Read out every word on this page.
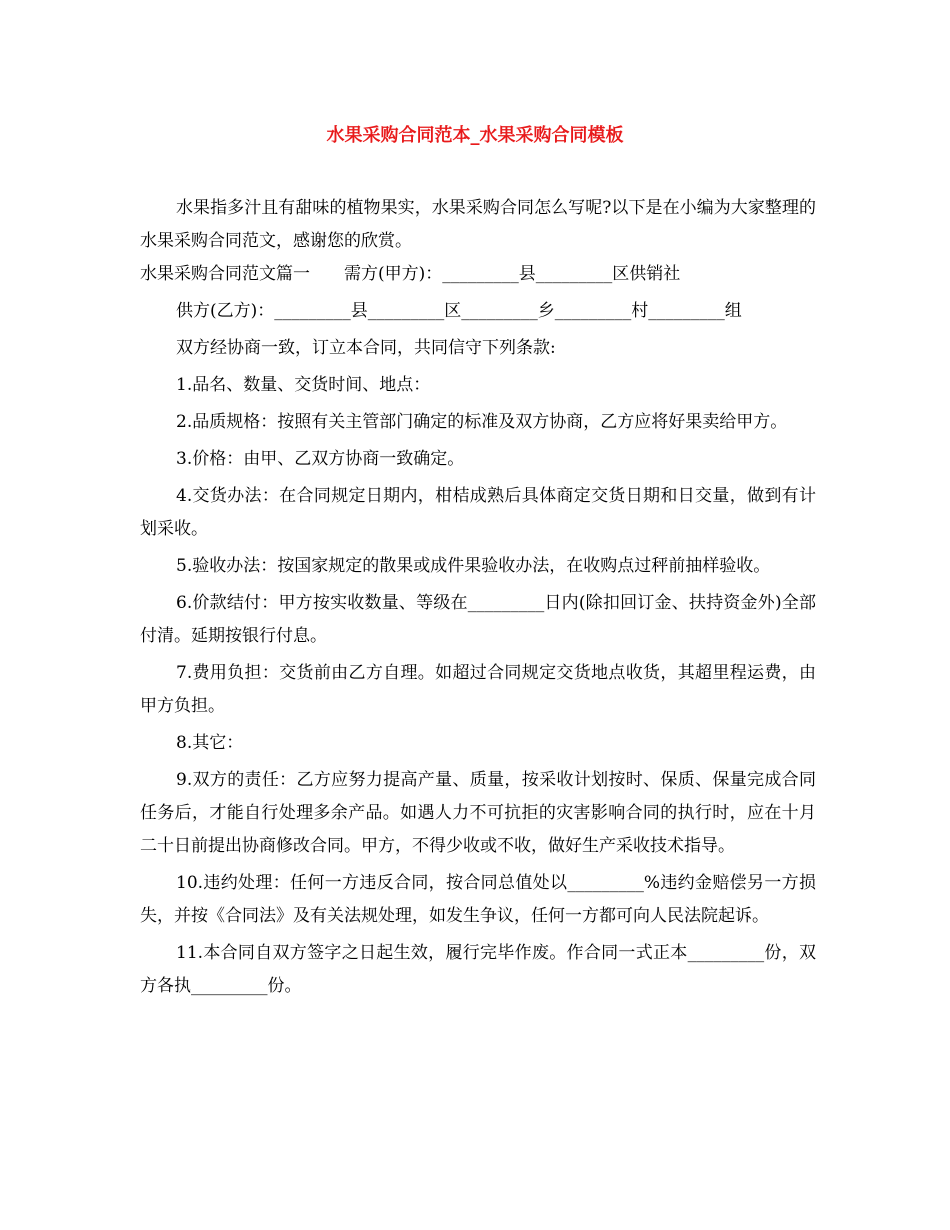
水果采购合同范本_水果采购合同模板

水果指多汁且有甜味的植物果实，水果采购合同怎么写呢?以下是在小编为大家整理的水果采购合同范文，感谢您的欣赏。

水果采购合同范文篇一　　需方(甲方)：_________县_________区供销社

供方(乙方)：_________县_________区_________乡_________村_________组

双方经协商一致，订立本合同，共同信守下列条款:

1.品名、数量、交货时间、地点：

2.品质规格：按照有关主管部门确定的标准及双方协商，乙方应将好果卖给甲方。

3.价格：由甲、乙双方协商一致确定。

4.交货办法：在合同规定日期内，柑桔成熟后具体商定交货日期和日交量，做到有计划采收。

5.验收办法：按国家规定的散果或成件果验收办法，在收购点过秤前抽样验收。

6.价款结付：甲方按实收数量、等级在_________日内(除扣回订金、扶持资金外)全部付清。延期按银行付息。

7.费用负担：交货前由乙方自理。如超过合同规定交货地点收货，其超里程运费，由甲方负担。

8.其它：

9.双方的责任：乙方应努力提高产量、质量，按采收计划按时、保质、保量完成合同任务后，才能自行处理多余产品。如遇人力不可抗拒的灾害影响合同的执行时，应在十月二十日前提出协商修改合同。甲方，不得少收或不收，做好生产采收技术指导。

10.违约处理：任何一方违反合同，按合同总值处以_________%违约金赔偿另一方损失，并按《合同法》及有关法规处理，如发生争议，任何一方都可向人民法院起诉。

11.本合同自双方签字之日起生效，履行完毕作废。作合同一式正本_________份，双方各执_________份。
